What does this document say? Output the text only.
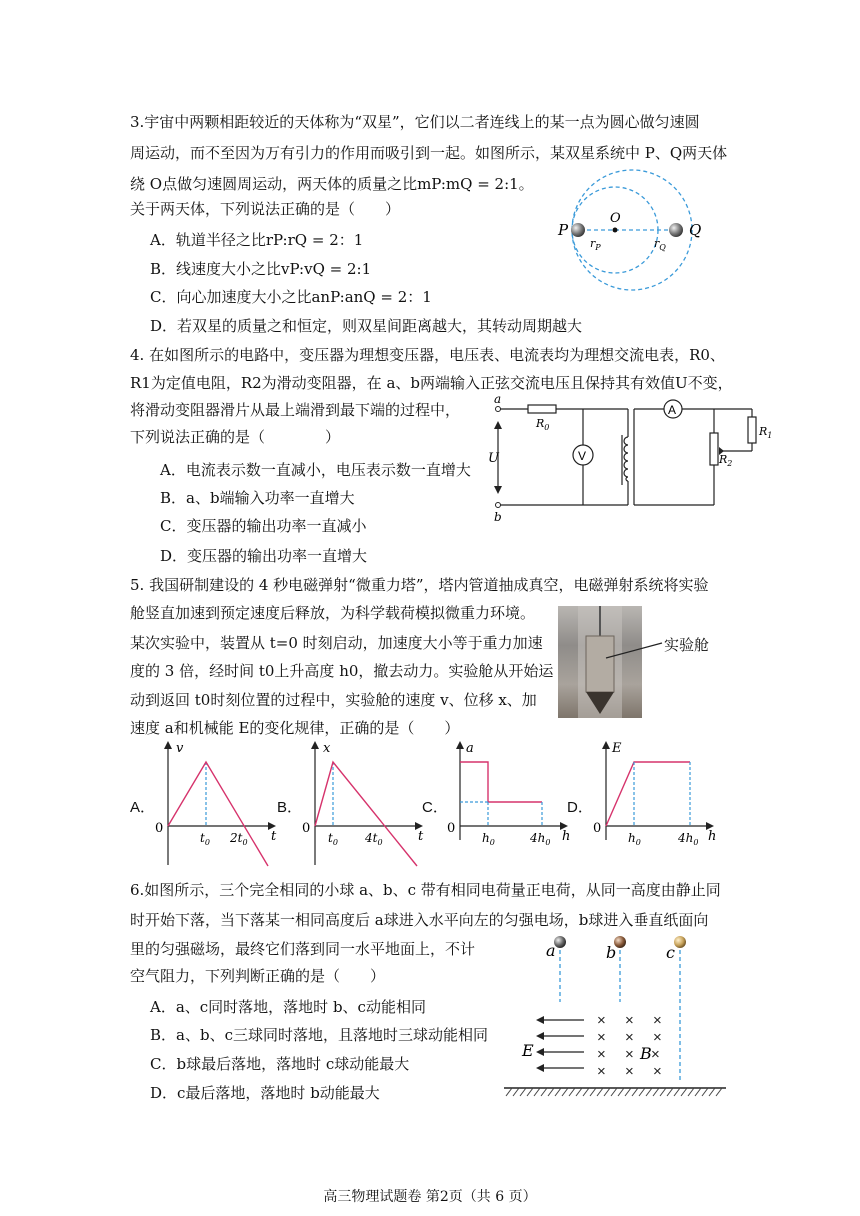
3.宇宙中两颗相距较近的天体称为“双星”，它们以二者连线上的某一点为圆心做匀速圆
周运动，而不至因为万有引力的作用而吸引到一起。如图所示，某双星系统中 P、Q两天体
绕 O点做匀速圆周运动，两天体的质量之比mP:mQ = 2:1。
关于两天体，下列说法正确的是（　　）
A．轨道半径之比rP:rQ = 2：1
B．线速度大小之比vP:vQ = 2:1
C．向心加速度大小之比anP:anQ = 2：1
D．若双星的质量之和恒定，则双星间距离越大，其转动周期越大
P	Q
O
$r_P$	$r_Q$
4. 在如图所示的电路中，变压器为理想变压器，电压表、电流表均为理想交流电表，R0、
R1为定值电阻，R2为滑动变阻器，在 a、b两端输入正弦交流电压且保持其有效值U不变，
将滑动变阻器滑片从最上端滑到最下端的过程中，
下列说法正确的是（　　　　）
A．电流表示数一直减小，电压表示数一直增大
B．a、b端输入功率一直增大
C．变压器的输出功率一直减小
D．变压器的输出功率一直增大
V
A
a
b
U
$R_0$	$R_1$
$R_2$
5. 我国研制建设的 4 秒电磁弹射“微重力塔”，塔内管道抽成真空，电磁弹射系统将实验
舱竖直加速到预定速度后释放，为科学载荷模拟微重力环境。
某次实验中，装置从 t=0 时刻启动，加速度大小等于重力加速
度的 3 倍，经时间 t0上升高度 h0，撤去动力。实验舱从开始运
动到返回 t0时刻位置的过程中，实验舱的速度 v、位移 x、加
速度 a和机械能 E的变化规律，正确的是（　　）
实验舱
A．	B．	C．	D．
v
t
0
$t_0$ $2t_0$
x
t
0
$t_0$ $4t_0$
a
h
0
$h_0$	$4h_0$
E
h
0
$h_0$	$4h_0$
6.如图所示，三个完全相同的小球 a、b、c 带有相同电荷量正电荷，从同一高度由静止同
时开始下落，当下落某一相同高度后 a球进入水平向左的匀强电场，b球进入垂直纸面向
里的匀强磁场，最终它们落到同一水平地面上，不计
空气阻力，下列判断正确的是（　　）
A．a、c同时落地，落地时 b、c动能相同
B．a、b、c三球同时落地，且落地时三球动能相同
C．b球最后落地，落地时 c球动能最大
D．c最后落地，落地时 b动能最大
a	b	c
E
× × ×
× × ×
× × ×
× × ×
B
高三物理试题卷 第2页（共 6 页）
